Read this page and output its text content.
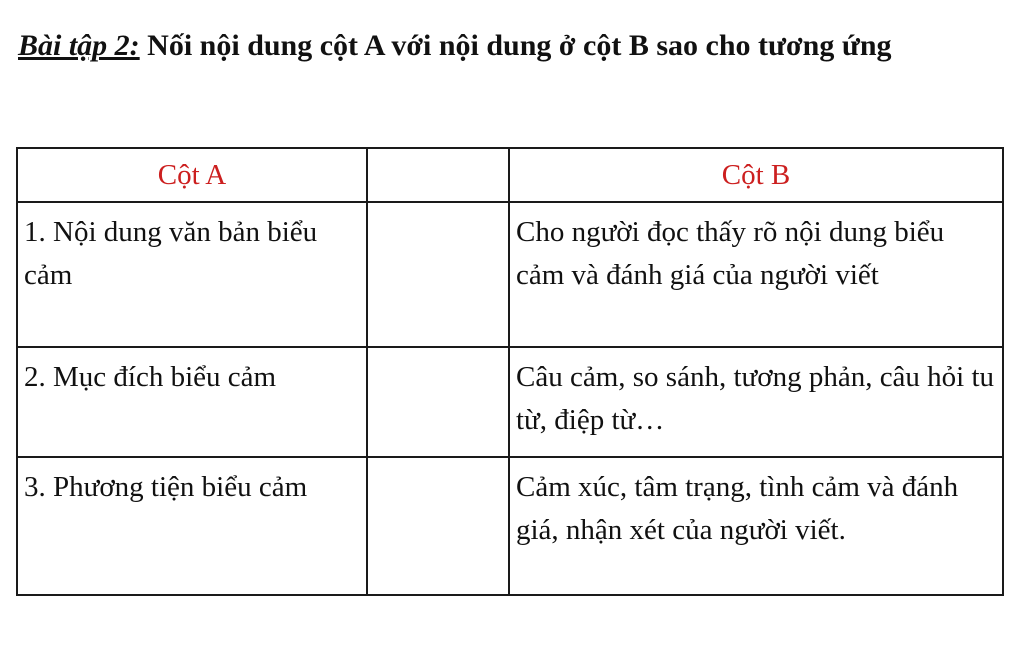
Bài tập 2: Nối nội dung cột A với nội dung ở cột B sao cho tương ứng
Cột A		Cột B
1. Nội dung văn bản biểu cảm		Cho người đọc thấy rõ nội dung biểu cảm và đánh giá của người viết
2. Mục đích biểu cảm		Câu cảm, so sánh, tương phản, câu hỏi tu từ, điệp từ…
3. Phương tiện biểu cảm		Cảm xúc, tâm trạng, tình cảm và đánh giá, nhận xét của người viết.
